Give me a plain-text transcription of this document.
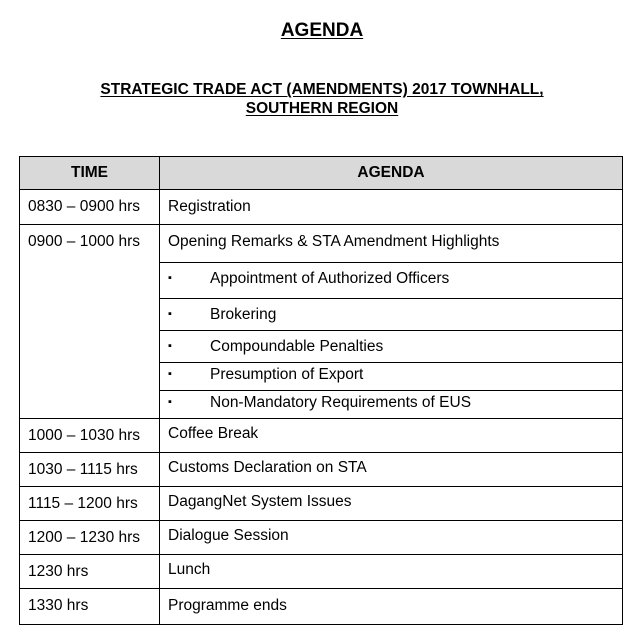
AGENDA
STRATEGIC TRADE ACT (AMENDMENTS) 2017 TOWNHALL,
SOUTHERN REGION
TIME	AGENDA

0830 – 0900 hrs	Registration

0900 – 1000 hrs	Opening Remarks & STA Amendment Highlights

	▪ Appointment of Authorized Officers

	▪ Brokering

	▪ Compoundable Penalties

	▪ Presumption of Export

	▪ Non-Mandatory Requirements of EUS

1000 – 1030 hrs	Coffee Break

1030 – 1115 hrs	Customs Declaration on STA

1115 – 1200 hrs	DagangNet System Issues

1200 – 1230 hrs	Dialogue Session

1230 hrs	Lunch

1330 hrs	Programme ends
